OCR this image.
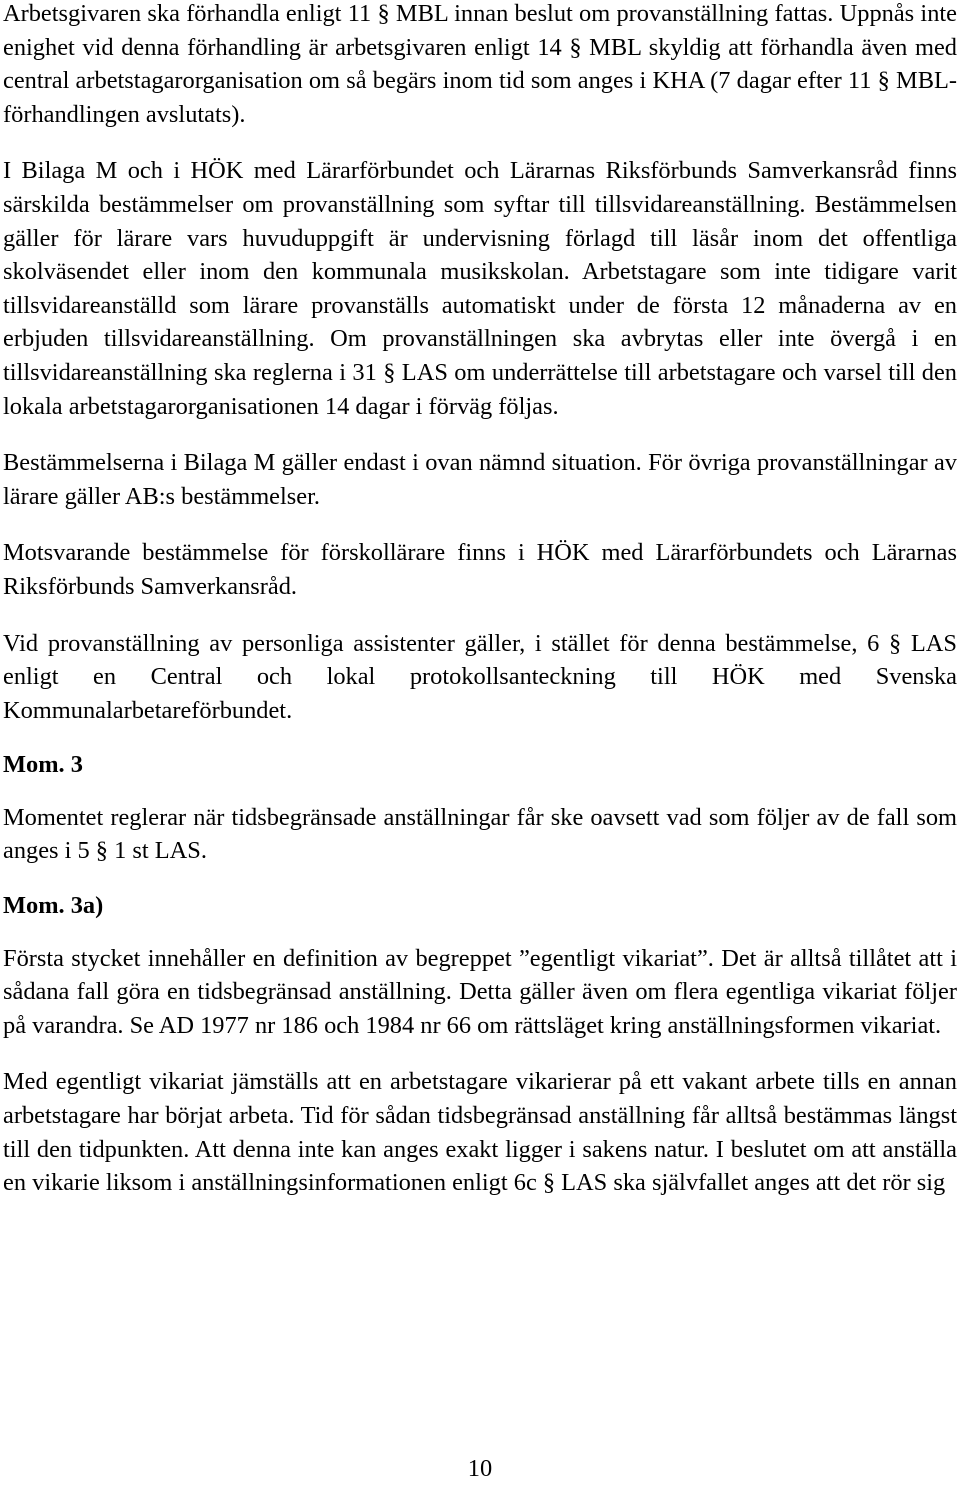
Arbetsgivaren ska förhandla enligt 11 § MBL innan beslut om provanställning fattas. Uppnås inte enighet vid denna förhandling är arbetsgivaren enligt 14 § MBL skyldig att förhandla även med central arbetstagarorganisation om så begärs inom tid som anges i KHA (7 dagar efter 11 § MBL-förhandlingen avslutats).

I Bilaga M och i HÖK med Lärarförbundet och Lärarnas Riksförbunds Samverkansråd finns särskilda bestämmelser om provanställning som syftar till tillsvidareanställning. Bestämmelsen gäller för lärare vars huvuduppgift är undervisning förlagd till läsår inom det offentliga skolväsendet eller inom den kommunala musikskolan. Arbetstagare som inte tidigare varit tillsvidareanställd som lärare provanställs automatiskt under de första 12 månaderna av en erbjuden tillsvidareanställning. Om provanställningen ska avbrytas eller inte övergå i en tillsvidareanställning ska reglerna i 31 § LAS om underrättelse till arbetstagare och varsel till den lokala arbetstagarorganisationen 14 dagar i förväg följas.

Bestämmelserna i Bilaga M gäller endast i ovan nämnd situation. För övriga provanställningar av lärare gäller AB:s bestämmelser.

Motsvarande bestämmelse för förskollärare finns i HÖK med Lärarförbundets och Lärarnas Riksförbunds Samverkansråd.

Vid provanställning av personliga assistenter gäller, i stället för denna bestämmelse, 6 § LAS enligt en Central och lokal protokollsanteckning till HÖK med Svenska Kommunalarbetareförbundet.

Mom. 3

Momentet reglerar när tidsbegränsade anställningar får ske oavsett vad som följer av de fall som anges i 5 § 1 st LAS.

Mom. 3a)

Första stycket innehåller en definition av begreppet ”egentligt vikariat”. Det är alltså tillåtet att i sådana fall göra en tidsbegränsad anställning. Detta gäller även om flera egentliga vikariat följer på varandra. Se AD 1977 nr 186 och 1984 nr 66 om rättsläget kring anställningsformen vikariat.

Med egentligt vikariat jämställs att en arbetstagare vikarierar på ett vakant arbete tills en annan arbetstagare har börjat arbeta. Tid för sådan tidsbegränsad anställning får alltså bestämmas längst till den tidpunkten. Att denna inte kan anges exakt ligger i sakens natur. I beslutet om att anställa en vikarie liksom i anställningsinformationen enligt 6c § LAS ska självfallet anges att det rör sig

10
